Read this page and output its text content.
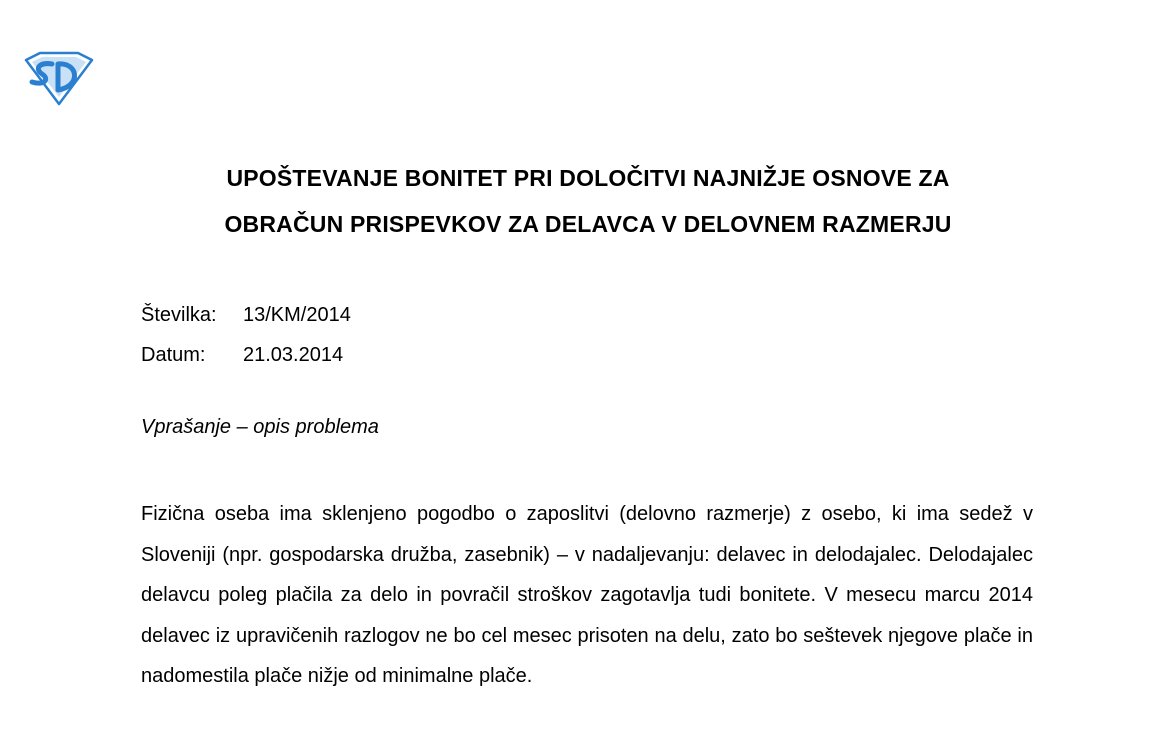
UPOŠTEVANJE BONITET PRI DOLOČITVI NAJNIŽJE OSNOVE ZA
OBRAČUN PRISPEVKOV ZA DELAVCA V DELOVNEM RAZMERJU
Številka:	13/KM/2014
Datum:	21.03.2014
Vprašanje – opis problema
Fizična oseba ima sklenjeno pogodbo o zaposlitvi (delovno razmerje) z osebo, ki ima sedež v Sloveniji (npr. gospodarska družba, zasebnik) – v nadaljevanju: delavec in delodajalec. Delodajalec delavcu poleg plačila za delo in povračil stroškov zagotavlja tudi bonitete. V mesecu marcu 2014 delavec iz upravičenih razlogov ne bo cel mesec prisoten na delu, zato bo seštevek njegove plače in nadomestila plače nižje od minimalne plače.
